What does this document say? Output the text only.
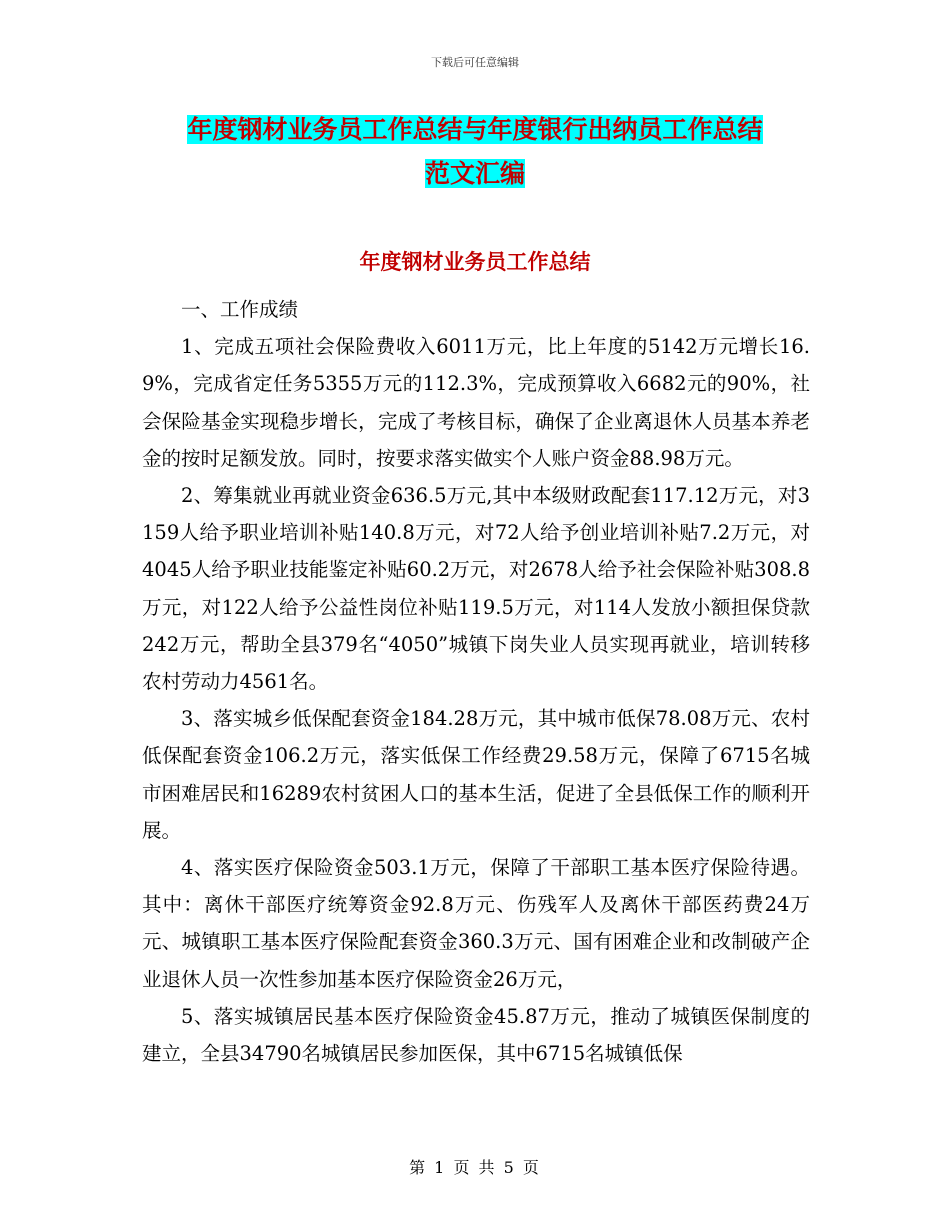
下载后可任意编辑
年度钢材业务员工作总结与年度银行出纳员工作总结
范文汇编
年度钢材业务员工作总结

一、工作成绩

1、完成五项社会保险费收入6011万元，比上年度的5142万元增长16.9%，完成省定任务5355万元的112.3%，完成预算收入6682元的90%，社会保险基金实现稳步增长，完成了考核目标，确保了企业离退休人员基本养老金的按时足额发放。同时，按要求落实做实个人账户资金88.98万元。

2、筹集就业再就业资金636.5万元,其中本级财政配套117.12万元，对3159人给予职业培训补贴140.8万元，对72人给予创业培训补贴7.2万元，对4045人给予职业技能鉴定补贴60.2万元，对2678人给予社会保险补贴308.8万元，对122人给予公益性岗位补贴119.5万元，对114人发放小额担保贷款242万元，帮助全县379名“4050”城镇下岗失业人员实现再就业，培训转移农村劳动力4561名。

3、落实城乡低保配套资金184.28万元，其中城市低保78.08万元、农村低保配套资金106.2万元，落实低保工作经费29.58万元，保障了6715名城市困难居民和16289农村贫困人口的基本生活，促进了全县低保工作的顺利开展。

4、落实医疗保险资金503.1万元，保障了干部职工基本医疗保险待遇。其中：离休干部医疗统筹资金92.8万元、伤残军人及离休干部医药费24万元、城镇职工基本医疗保险配套资金360.3万元、国有困难企业和改制破产企业退休人员一次性参加基本医疗保险资金26万元，

5、落实城镇居民基本医疗保险资金45.87万元，推动了城镇医保制度的建立，全县34790名城镇居民参加医保，其中6715名城镇低保

第 1 页 共 5 页
